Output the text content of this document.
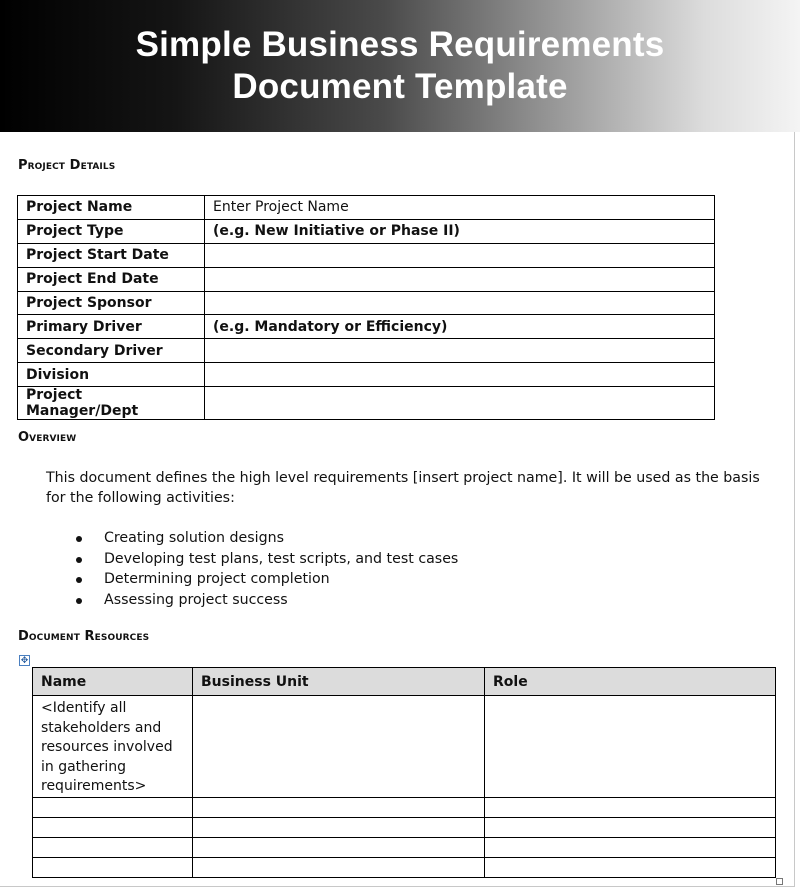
Simple Business Requirements
Document Template
Project Details
Project Name	Enter Project Name
Project Type	(e.g. New Initiative or Phase II)
Project Start Date	
Project End Date	
Project Sponsor	
Primary Driver	(e.g. Mandatory or Efficiency)
Secondary Driver	
Division	
Project Manager/Dept	
Overview
This document defines the high level requirements [insert project name]. It will be used as the basis for the following activities:
Creating solution designs
Developing test plans, test scripts, and test cases
Determining project completion
Assessing project success
Document Resources
✥
Name	Business Unit	Role
<Identify all stakeholders and resources involved in gathering requirements>		
